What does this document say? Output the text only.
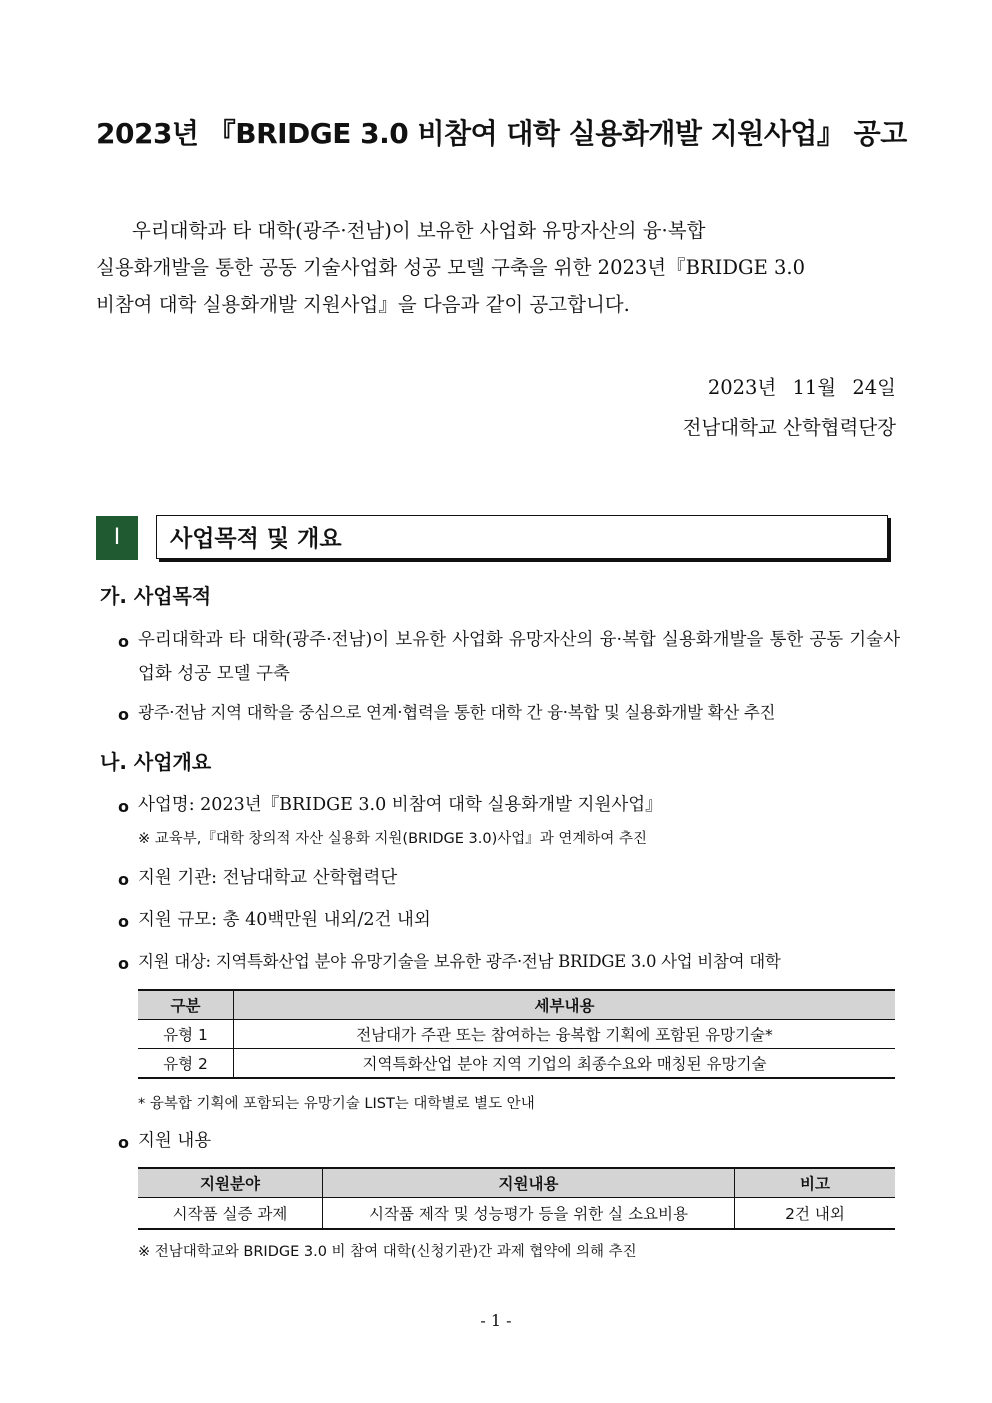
2023년 『BRIDGE 3.0 비참여 대학 실용화개발 지원사업』 공고

우리대학과 타 대학(광주·전남)이 보유한 사업화 유망자산의 융·복합

실용화개발을 통한 공동 기술사업화 성공 모델 구축을 위한 2023년『BRIDGE 3.0

비참여 대학 실용화개발 지원사업』을 다음과 같이 공고합니다.

2023년 11월 24일
전남대학교 산학협력단장
Ⅰ	사업목적 및 개요
가. 사업목적
o 우리대학과 타 대학(광주·전남)이 보유한 사업화 유망자산의 융·복합 실용화개발을 통한 공동 기술사업화 성공 모델 구축
o 광주·전남 지역 대학을 중심으로 연계·협력을 통한 대학 간 융·복합 및 실용화개발 확산 추진
나. 사업개요
o 사업명: 2023년『BRIDGE 3.0 비참여 대학 실용화개발 지원사업』
※ 교육부,『대학 창의적 자산 실용화 지원(BRIDGE 3.0)사업』과 연계하여 추진
o 지원 기관: 전남대학교 산학협력단
o 지원 규모: 총 40백만원 내외/2건 내외
o 지원 대상: 지역특화산업 분야 유망기술을 보유한 광주·전남 BRIDGE 3.0 사업 비참여 대학
구분	세부내용
유형 1	전남대가 주관 또는 참여하는 융복합 기획에 포함된 유망기술*
유형 2	지역특화산업 분야 지역 기업의 최종수요와 매칭된 유망기술
* 융복합 기획에 포함되는 유망기술 LIST는 대학별로 별도 안내
o 지원 내용
지원분야	지원내용	비고
시작품 실증 과제	시작품 제작 및 성능평가 등을 위한 실 소요비용	2건 내외
※ 전남대학교와 BRIDGE 3.0 비 참여 대학(신청기관)간 과제 협약에 의해 추진
- 1 -
